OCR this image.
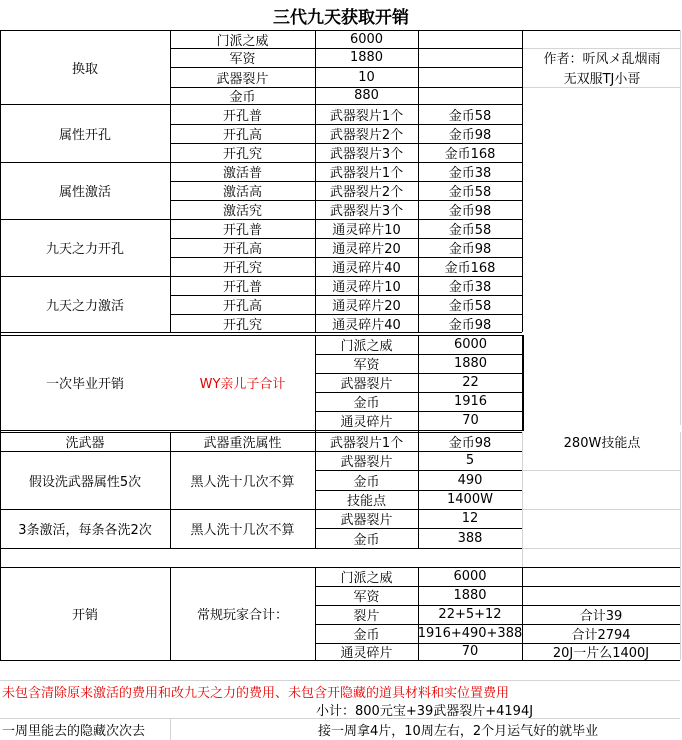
三代九天获取开销
换取
门派之威	6000
军资	1880
武器裂片	10
金币	880
作者：听风メ乱烟雨
无双服TJ小哥
属性开孔
开孔普	武器裂片1个	金币58
开孔高	武器裂片2个	金币98
开孔究	武器裂片3个	金币168
属性激活
激活普	武器裂片1个	金币38
激活高	武器裂片2个	金币58
激活究	武器裂片3个	金币98
九天之力开孔
开孔普	通灵碎片10	金币58
开孔高	通灵碎片20	金币98
开孔究	通灵碎片40	金币168
九天之力激活
开孔普	通灵碎片10	金币38
开孔高	通灵碎片20	金币58
开孔究	通灵碎片40	金币98
一次毕业开销	WY亲儿子合计
门派之威	6000
军资	1880
武器裂片	22
金币	1916
通灵碎片	70
洗武器	武器重洗属性	武器裂片1个	金币98	280W技能点
假设洗武器属性5次	黑人洗十几次不算
武器裂片	5
金币	490
技能点	1400W
3条激活，每条各洗2次	黑人洗十几次不算
武器裂片	12
金币	388
开销	常规玩家合计：
门派之威	6000
军资	1880
裂片	22+5+12	合计39
金币	1916+490+388	合计2794
通灵碎片	70	20J一片么1400J
未包含清除原来激活的费用和改九天之力的费用、未包含开隐藏的道具材料和实位置费用
小计：800元宝+39武器裂片+4194J
一周里能去的隐藏次次去	接一周拿4片，10周左右，2个月运气好的就毕业
